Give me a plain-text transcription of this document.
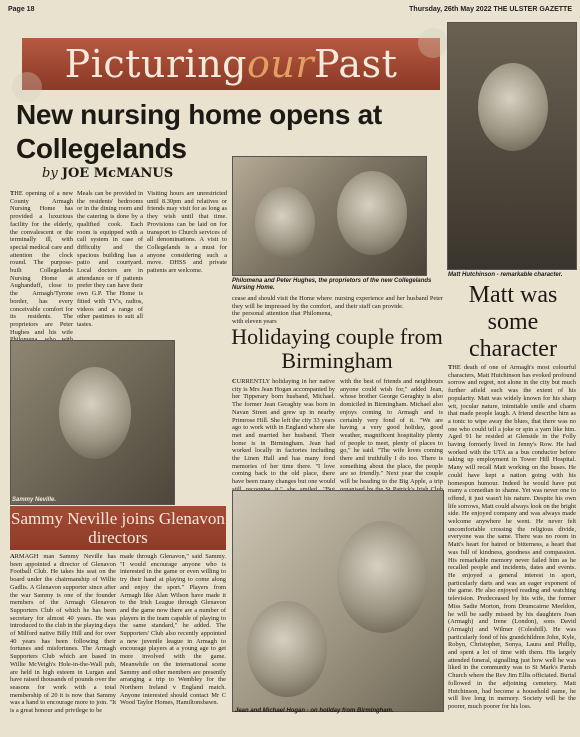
Page 18	Thursday, 26th May 2022 THE ULSTER GAZETTE
Picturing our Past
New nursing home opens at Collegelands
by JOE McMANUS
THE opening of a new County Armagh Nursing Home has provided a luxurious facility for the elderly, the convalescent or the terminally ill, with special medical care and attention the clock round. The purpose-built Collegelands Nursing Home at Aughanduff, close to the Armagh/Tyrone border, has every conceivable comfort for its residents. The proprietors are Peter Hughes and his wife
Meals can be provided in the residents' bedrooms or in the dining room and the catering is done by a qualified cook. Each room is equipped with a call system in case of difficulty and the spacious building has a patio and courtyard. Local doctors are in attendance or if patients prefer they can have their own G.P. The Home is fitted with TV's, radios, videos and a range of other pastimes to suit all tastes.
Philomena and Peter Hughes, the proprietors of the new Collegelands Nursing Home.
Visiting hours are unrestricted until 8.30pm and relatives or friends may visit for as long as they wish until that time. Provisions can be laid on for transport to Church services of all denominations. A visit to Collegelands is a must for anyone considering such a move. DHSS and private patients are welcome.
cease and should visit the Home where they will be impressed by the comfort, the personal attention that Philomena, with eleven years
nursing experience and her husband Peter and their staff can provide.
Matt Hutchinson - remarkable character.
Matt was some character
THE death of one of Armagh's most colourful characters, Matt Hutchinson has evoked profound sorrow and regret, not alone in the city but much further afield such was the extent of his popularity. Matt was widely known for his sharp wit, jocular nature, inimitable smile and charm that made people laugh. A friend describe him as a tonic to wipe away the blues, that there was no one who could tell a joke or spin a yarn like him. Aged 91 he resided at Glenside in the Folly having formerly lived in Jenny's Row. He had worked with the UTA as a bus conductor before taking up employment in Tower Hill Hospital. Many will recall Matt working on the buses. He could have kept a nation going with his homespun humour. Indeed he would have put many a comedian to shame. Yet was never one to offend, it just wasn't his nature. Despite his own life sorrows, Matt could always look on the bright side. He enjoyed company and was always made welcome anywhere he went. He never felt uncomfortable crossing the religious divide, everyone was the same. There was no room in Matt's heart for hatred or bitterness, a heart that was full of kindness, goodness and compassion. His remarkable memory never failed him as he recalled people and incidents, dates and events. He enjoyed a general interest in sport, particularly darts and was an eager exponent of the game. He also enjoyed reading and watching television. Predeceased by his wife, the former Miss Sadie Morton, from Drumcairne Meeldon, he will be sadly missed by his daughters Joan (Armagh) and Irene (London), sons David (Armagh) and Wilmer (Coleshill). He was particularly fond of his grandchildren John, Kyle, Robyn, Christopher, Sonya, Laura and Phillip, and spent a lot of time with them. His largely attended funeral, signalling just how well he was liked in the community was to St Mark's Parish Church where the Rev Jim Ellis officiated. Burial followed in the adjoining cemetery. Matt Hutchinson, had become a household name, he will live long in memory. Society will be the poorer, much poorer for his loss.
Holidaying couple from Birmingham
CURRENTLY holidaying in her native city is Mrs Jean Hogan accompanied by her Tipperary born husband, Michael. The former Jean Geraghty was born in Navan Street and grew up in nearby Primrose Hill. She left the city 33 years ago to work with in England where she met and married her husband. Their home is in Birmingham. Jean had worked locally in factories including the Linen Hall and has many fond memories of her time there. "I love coming back to the old place, there have been many changes but one would
with the best of friends and neighbours anyone could wish for," added Jean, whose brother George Geraghty is also domiciled in Birmingham. Michael also enjoys coming to Armagh and is certainly very fond of it. "We are having a very good holiday, good weather, magnificent hospitality plenty of people to meet, plenty of places to go," he said. "The wife loves coming there and truthfully I do too. There is something about the place, the people are so friendly." Next year the couple will be heading to the Big Apple, a trip
Sammy Neville.
Sammy Neville joins Glenavon directors
ARMAGH man Sammy Neville has been appointed a director of Glenavon Football Club. He takes his seat on the board under the chairmanship of Willie Gadlis. A Glenavon supporter since after the war Sammy is one of the founder members of the Armagh Glenavon Supporters Club of which he has been secretary for almost 40 years. He was introduced to the club in the playing days of Milford native Billy Hill and for over 40 years has been following their fortunes and misfortunes. The Armagh Supporters Club which are based in Willie McVeigh's Hole-in-the-Wall pub, are held in high esteem in Lurgan and have raised thousands of pounds over the seasons for work with a total membership of 20 it is now that Sammy was a hand to encourage more to join. "It is a great honour and privilege to be
made through Glenavon," said Sammy. "I would encourage anyone who is interested in the game or even willing to try their hand at playing to come along and enjoy the sport." Players from Armagh like Alan Wilson have made it to the Irish League through Glenavon and the game now there are a number of players in the team capable of playing to the same standard," he added. The Supporters' Club also recently appointed a new juvenile league in Armagh to encourage players at a young age to get more involved with the game. Meanwhile on the international scene Sammy and other members are presently arranging a trip to Wembley for the Northern Ireland v England match. Anyone interested should contact Mr C Wood Taylor Homes, Hamiltonsbawn.
Jean and Michael Hogan - on holiday from Birmingham.
